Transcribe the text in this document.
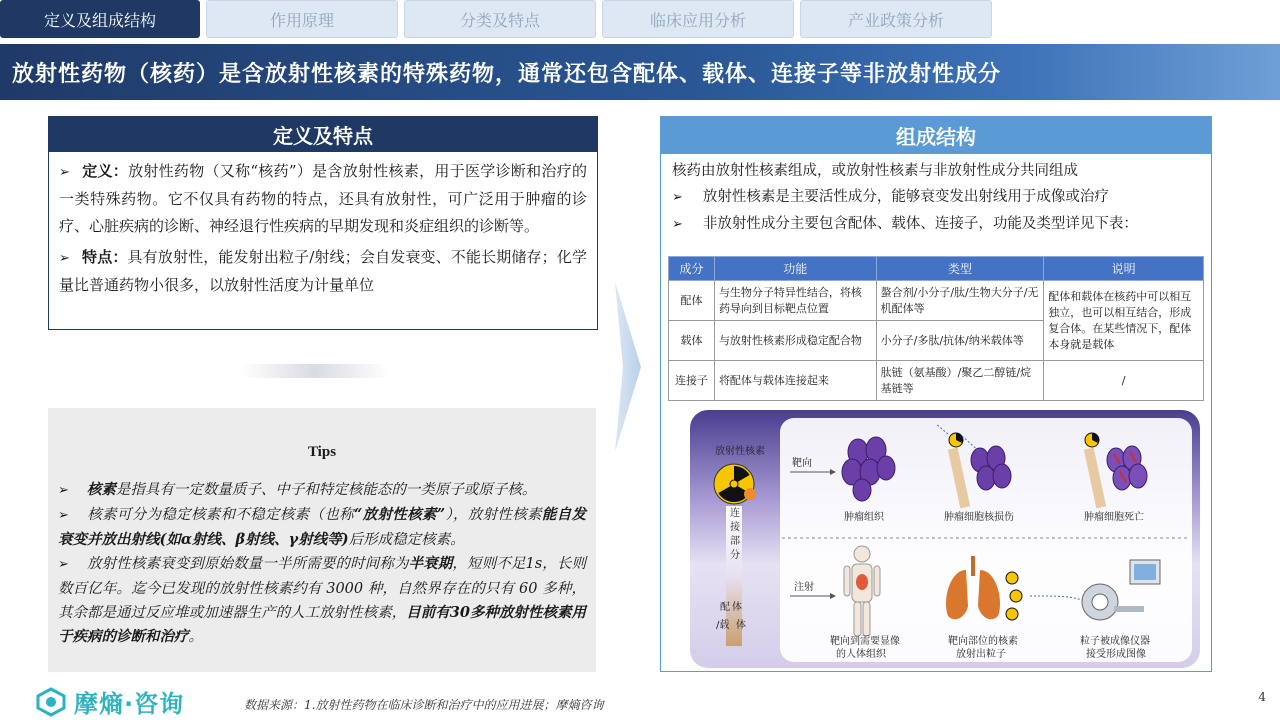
定义及组成结构	作用原理	分类及特点	临床应用分析	产业政策分析
放射性药物（核药）是含放射性核素的特殊药物，通常还包含配体、载体、连接子等非放射性成分
定义及特点

➢ 定义：放射性药物（又称“核药”）是含放射性核素，用于医学诊断和治疗的一类特殊药物。它不仅具有药物的特点，还具有放射性，可广泛用于肿瘤的诊疗、心脏疾病的诊断、神经退行性疾病的早期发现和炎症组织的诊断等。

➢ 特点：具有放射性，能发射出粒子/射线；会自发衰变、不能长期储存；化学量比普通药物小很多，以放射性活度为计量单位

Tips

➢ 核素是指具有一定数量质子、中子和特定核能态的一类原子或原子核。

➢ 核素可分为稳定核素和不稳定核素（也称“放射性核素”），放射性核素能自发衰变并放出射线(如α射线、β射线、γ射线等)后形成稳定核素。

➢ 放射性核素衰变到原始数量一半所需要的时间称为半衰期，短则不足1s，长则数百亿年。迄今已发现的放射性核素约有 3000 种，自然界存在的只有 60 多种，其余都是通过反应堆或加速器生产的人工放射性核素，目前有30多种放射性核素用于疾病的诊断和治疗。

组成结构

核药由放射性核素组成，或放射性核素与非放射性成分共同组成

➢ 放射性核素是主要活性成分，能够衰变发出射线用于成像或治疗

➢ 非放射性成分主要包含配体、载体、连接子，功能及类型详见下表：

成分	功能	类型	说明
配体	与生物分子特异性结合，将核药导向到目标靶点位置	螯合剂/小分子/肽/生物大分子/无机配体等	配体和载体在核药中可以相互独立，也可以相互结合，形成复合体。在某些情况下，配体本身就是载体
载体	与放射性核素形成稳定配合物	小分子/多肽/抗体/纳米载体等	
连接子	将配体与载体连接起来	肽链（氨基酸）/聚乙二醇链/烷基链等	/
放射性核素
连
接
部
分
配 体
/载 体
靶向
肿瘤组织	肿瘤细胞核损伤	肿瘤细胞死亡
注射
靶向到需要显像
的人体组织
靶向部位的核素
放射出粒子
粒子被成像仪器
接受形成图像
摩熵·咨询	数据来源：1.放射性药物在临床诊断和治疗中的应用进展；摩熵咨询
4
